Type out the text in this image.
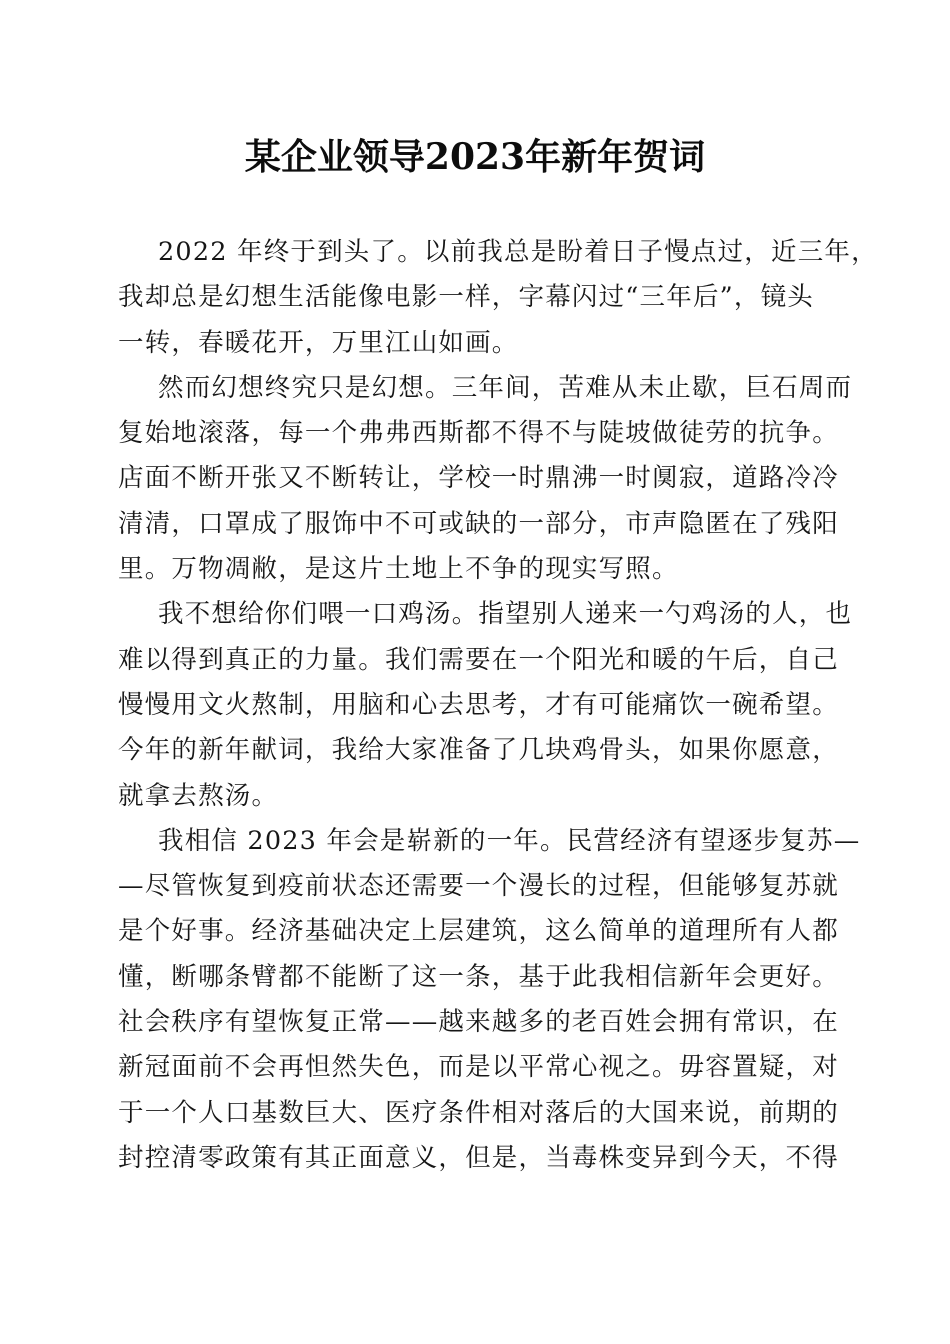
某企业领导2023年新年贺词
2022 年终于到头了。以前我总是盼着日子慢点过，近三年，
我却总是幻想生活能像电影一样，字幕闪过“三年后”，镜头
一转，春暖花开，万里江山如画。
然而幻想终究只是幻想。三年间，苦难从未止歇，巨石周而
复始地滚落，每一个弗弗西斯都不得不与陡坡做徒劳的抗争。
店面不断开张又不断转让，学校一时鼎沸一时阒寂，道路冷冷
清清，口罩成了服饰中不可或缺的一部分，市声隐匿在了残阳
里。万物凋敝，是这片土地上不争的现实写照。
我不想给你们喂一口鸡汤。指望别人递来一勺鸡汤的人，也
难以得到真正的力量。我们需要在一个阳光和暖的午后，自己
慢慢用文火熬制，用脑和心去思考，才有可能痛饮一碗希望。
今年的新年献词，我给大家准备了几块鸡骨头，如果你愿意，
就拿去熬汤。
我相信 2023 年会是崭新的一年。民营经济有望逐步复苏—
—尽管恢复到疫前状态还需要一个漫长的过程，但能够复苏就
是个好事。经济基础决定上层建筑，这么简单的道理所有人都
懂，断哪条臂都不能断了这一条，基于此我相信新年会更好。
社会秩序有望恢复正常——越来越多的老百姓会拥有常识，在
新冠面前不会再怛然失色，而是以平常心视之。毋容置疑，对
于一个人口基数巨大、医疗条件相对落后的大国来说，前期的
封控清零政策有其正面意义，但是，当毒株变异到今天，不得
